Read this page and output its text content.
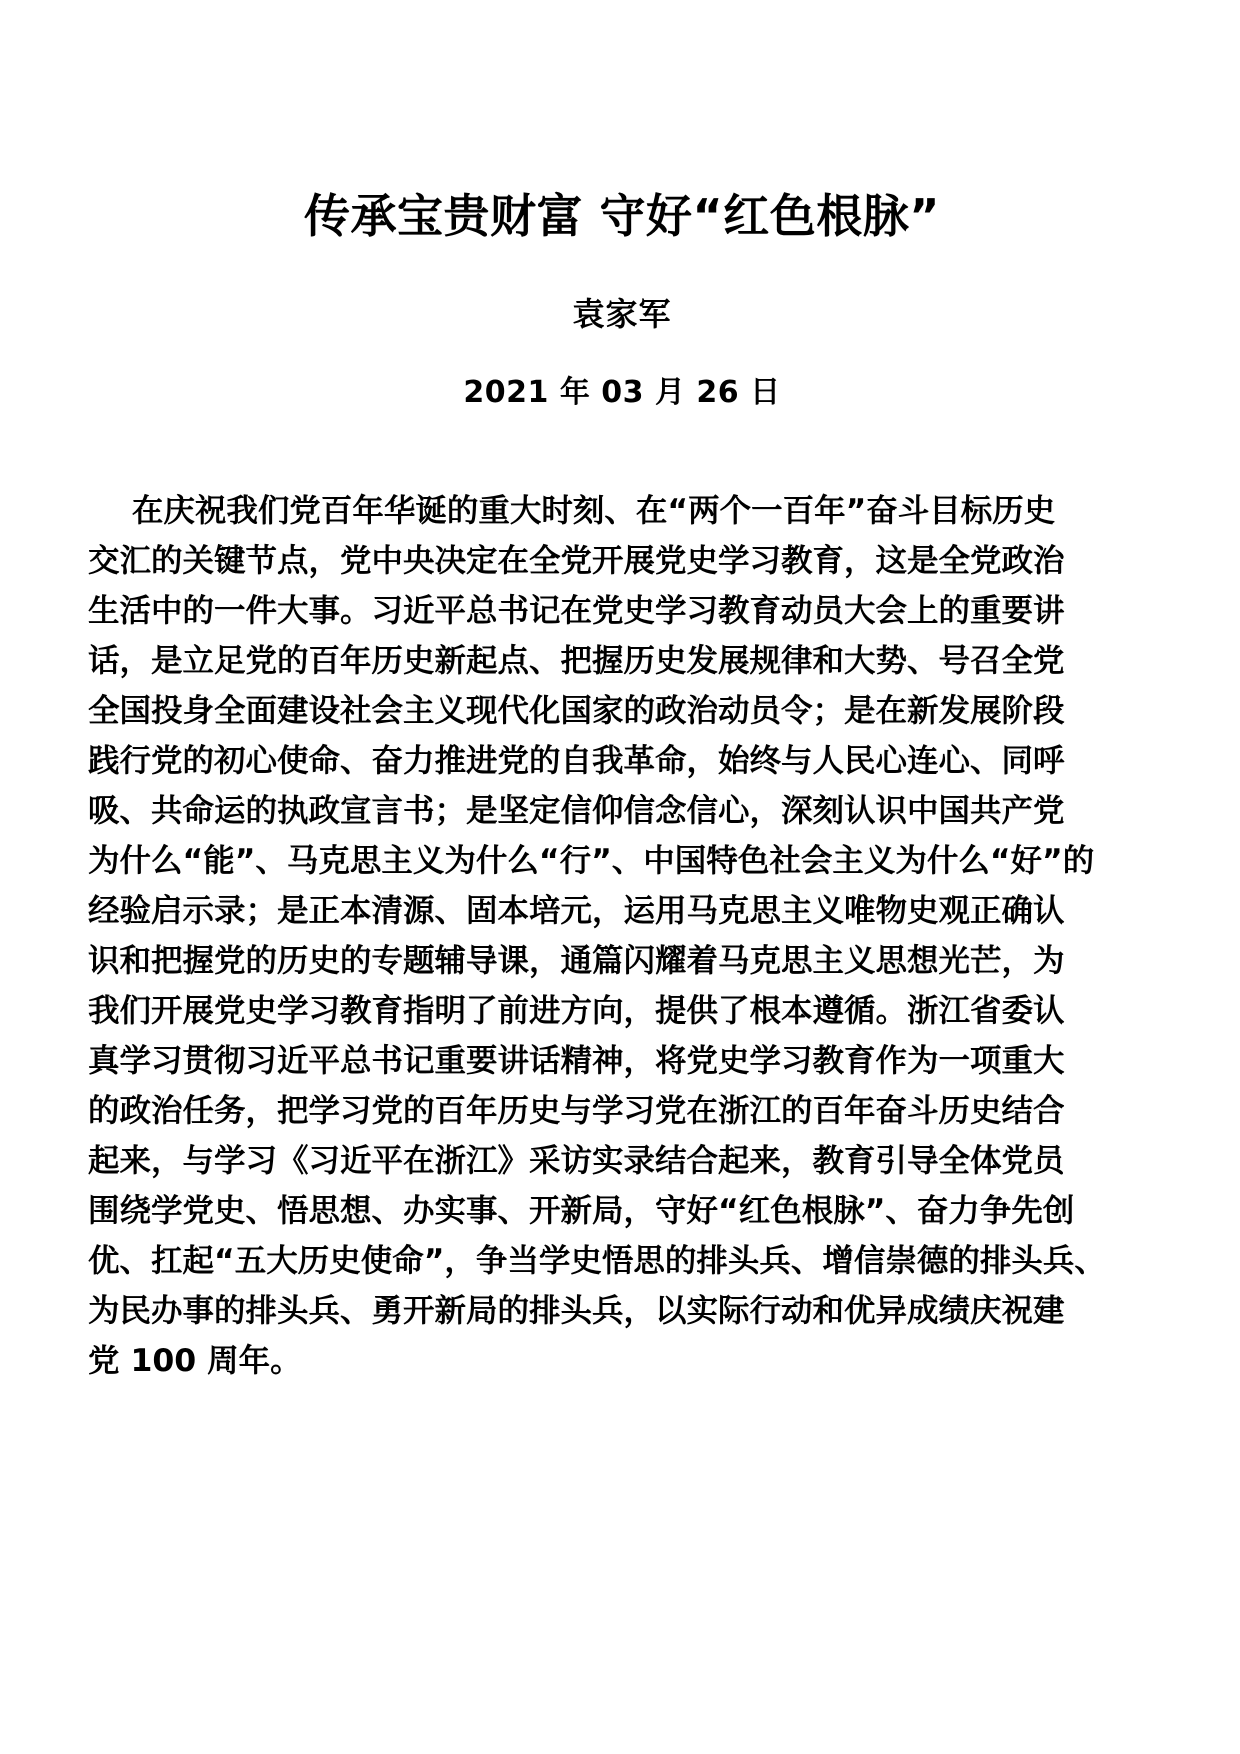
传承宝贵财富 守好“红色根脉”
袁家军
2021 年 03 月 26 日
在庆祝我们党百年华诞的重大时刻、在“两个一百年”奋斗目标历史
交汇的关键节点，党中央决定在全党开展党史学习教育，这是全党政治
生活中的一件大事。习近平总书记在党史学习教育动员大会上的重要讲
话，是立足党的百年历史新起点、把握历史发展规律和大势、号召全党
全国投身全面建设社会主义现代化国家的政治动员令；是在新发展阶段
践行党的初心使命、奋力推进党的自我革命，始终与人民心连心、同呼
吸、共命运的执政宣言书；是坚定信仰信念信心，深刻认识中国共产党
为什么“能”、马克思主义为什么“行”、中国特色社会主义为什么“好”的
经验启示录；是正本清源、固本培元，运用马克思主义唯物史观正确认
识和把握党的历史的专题辅导课，通篇闪耀着马克思主义思想光芒，为
我们开展党史学习教育指明了前进方向，提供了根本遵循。浙江省委认
真学习贯彻习近平总书记重要讲话精神，将党史学习教育作为一项重大
的政治任务，把学习党的百年历史与学习党在浙江的百年奋斗历史结合
起来，与学习《习近平在浙江》采访实录结合起来，教育引导全体党员
围绕学党史、悟思想、办实事、开新局，守好“红色根脉”、奋力争先创
优、扛起“五大历史使命”，争当学史悟思的排头兵、增信崇德的排头兵、
为民办事的排头兵、勇开新局的排头兵，以实际行动和优异成绩庆祝建
党 100 周年。
